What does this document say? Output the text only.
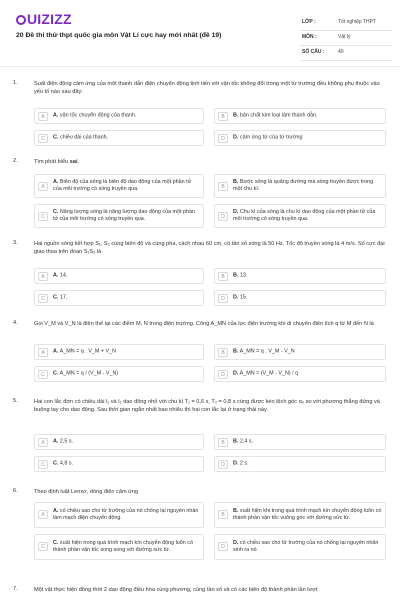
UIZIZZ
20 Đề thi thử thpt quốc gia môn Vật Lí cực hay mới nhất (đề 19)
LỚP :	Tốt nghiệp THPT
MÔN :	Vật lý
SỐ CÂU :	40
1.	Suất điện động cảm ứng của một thanh dẫn điện chuyển động tịnh tiến với vận tốc không đổi trong một từ trường đều không phụ thuộc vào yếu tố nào sau đây:
A	A. vận tốc chuyển động của thanh.	B	B. bản chất kim loại làm thanh dẫn.
C	C. chiều dài của thanh.	D	D. cảm ứng từ của từ trường
2.	Tìm phát biểu sai.
A
A. Biên độ của sóng là biên độ dao động của một phần tử của môi trường có sóng truyền qua.	B
B. Bước sóng là quãng đường mà sóng truyền được trong một chu kì.
C
C. Năng lượng sóng là năng lượng dao động của một phần tử của môi trường có sóng truyền qua.	D
D. Chu kì của sóng là chu kì dao động của một phần tử của môi trường có sóng truyền qua.
3.	Hai nguồn sóng kết hợp S₁, S₂ cùng biên độ và cùng pha, cách nhau 60 cm, có tần số sóng là 50 Hz. Tốc độ truyền sóng là 4 m/s. Số cực đại giao thoa trên đoạn S₁S₂ là
A	A. 14.	B	B. 13.
C	C. 17.	D	D. 15.
4.	Gọi V_M và V_N là điện thế tại các điểm M, N trong điện trường. Công A_MN của lực điện trường khi di chuyển điện tích q từ M đến N là
A	A. A_MN = q . V_M + V_N	B	B. A_MN = q . V_M - V_N
C	C. A_MN = q / (V_M - V_N)	D	D. A_MN = (V_M - V_N) / q
5.	Hai con lắc đơn có chiều dài l₁ và l₂ dao động nhỏ với chu kì T₁ = 0,6 s, T₂ = 0,8 s cùng được kéo lệch góc α₀ so với phương thẳng đứng và buông tay cho dao động. Sau thời gian ngắn nhất bao nhiêu thì hai con lắc lại ở trạng thái này.
A	A. 2,5 s.	B	B. 2,4 s.
C	C. 4,8 s.	D	D. 2 s.
6.	Theo định luật Lenxơ, dòng điện cảm ứng
A
A. có chiều sao cho từ trường của nó chống lại nguyên nhân làm mạch điện chuyển động.	B
B. xuất hiện khi trong quá trình mạch kín chuyển động luôn có thành phần vận tốc vuông góc với đường sức từ.
C
C. xuất hiện trong quá trình mạch kín chuyển động luôn có thành phần vận tốc song song với đường sức từ.	D
D. có chiều sao cho từ trường của nó chống lại nguyên nhân sinh ra nó
7.	Một vật thực hiện đồng thời 2 dao động điều hòa cùng phương, cùng tần số và có các biên độ thành phần lần lượt
